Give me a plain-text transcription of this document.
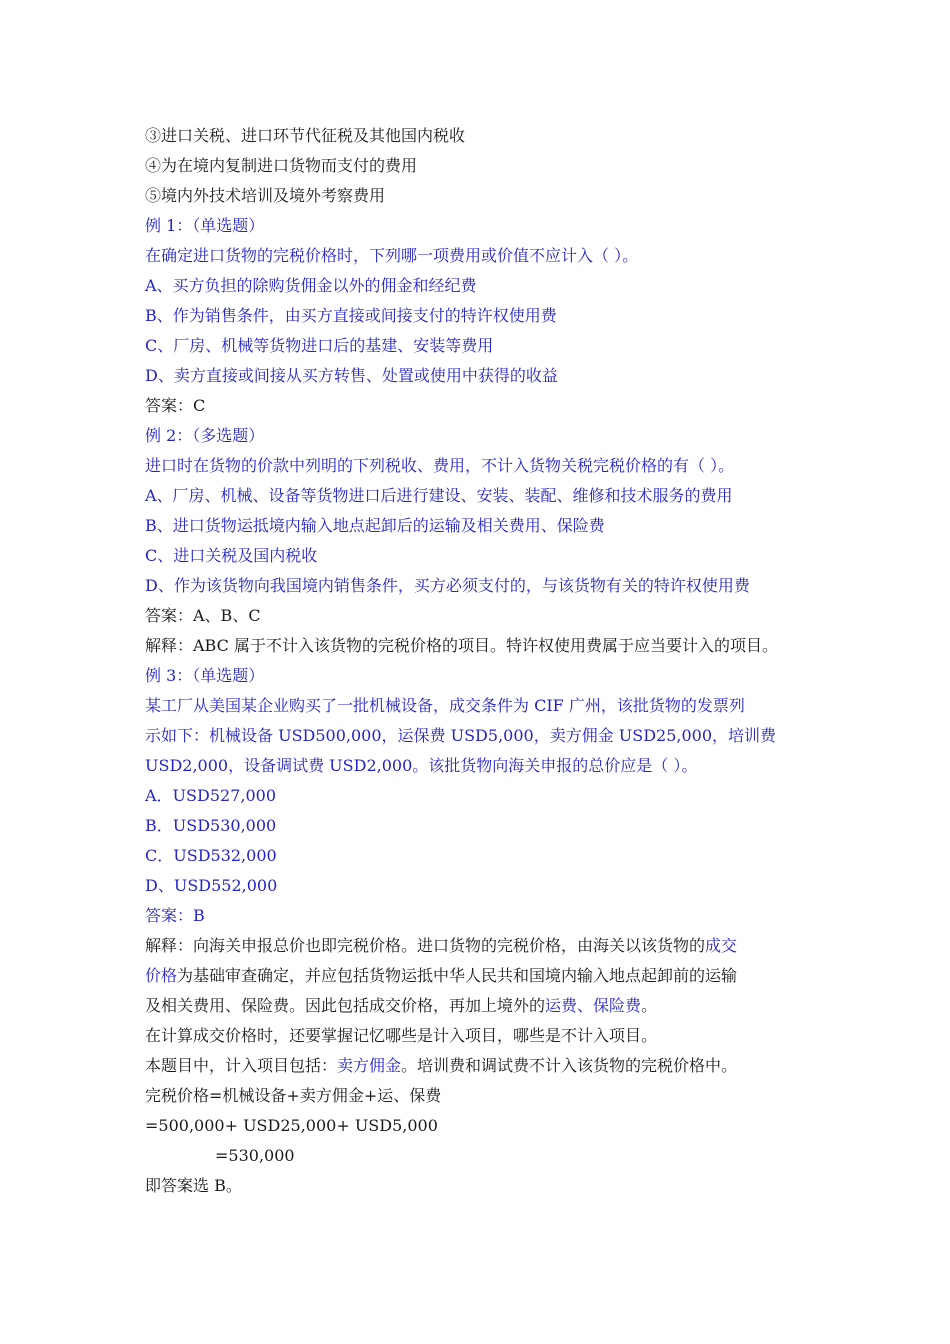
③进口关税、进口环节代征税及其他国内税收
④为在境内复制进口货物而支付的费用
⑤境内外技术培训及境外考察费用
例 1：（单选题）
在确定进口货物的完税价格时，下列哪一项费用或价值不应计入（ ）。
A、买方负担的除购货佣金以外的佣金和经纪费
B、作为销售条件，由买方直接或间接支付的特许权使用费
C、厂房、机械等货物进口后的基建、安装等费用
D、卖方直接或间接从买方转售、处置或使用中获得的收益
答案：C
例 2：（多选题）
进口时在货物的价款中列明的下列税收、费用，不计入货物关税完税价格的有（ ）。
A、厂房、机械、设备等货物进口后进行建设、安装、装配、维修和技术服务的费用
B、进口货物运抵境内输入地点起卸后的运输及相关费用、保险费
C、进口关税及国内税收
D、作为该货物向我国境内销售条件，买方必须支付的，与该货物有关的特许权使用费
答案：A、B、C
解释：ABC 属于不计入该货物的完税价格的项目。特许权使用费属于应当要计入的项目。
例 3：（单选题）
某工厂从美国某企业购买了一批机械设备，成交条件为 CIF 广州，该批货物的发票列
示如下：机械设备 USD500,000，运保费 USD5,000，卖方佣金 USD25,000，培训费
USD2,000，设备调试费 USD2,000。该批货物向海关申报的总价应是（ ）。
A．USD527,000
B．USD530,000
C．USD532,000
D、USD552,000
答案：B
解释：向海关申报总价也即完税价格。进口货物的完税价格，由海关以该货物的成交
价格为基础审查确定，并应包括货物运抵中华人民共和国境内输入地点起卸前的运输
及相关费用、保险费。因此包括成交价格，再加上境外的运费、保险费。
在计算成交价格时，还要掌握记忆哪些是计入项目，哪些是不计入项目。
本题目中，计入项目包括：卖方佣金。培训费和调试费不计入该货物的完税价格中。
完税价格=机械设备+卖方佣金+运、保费
=500,000+ USD25,000+ USD5,000
=530,000
即答案选 B。
